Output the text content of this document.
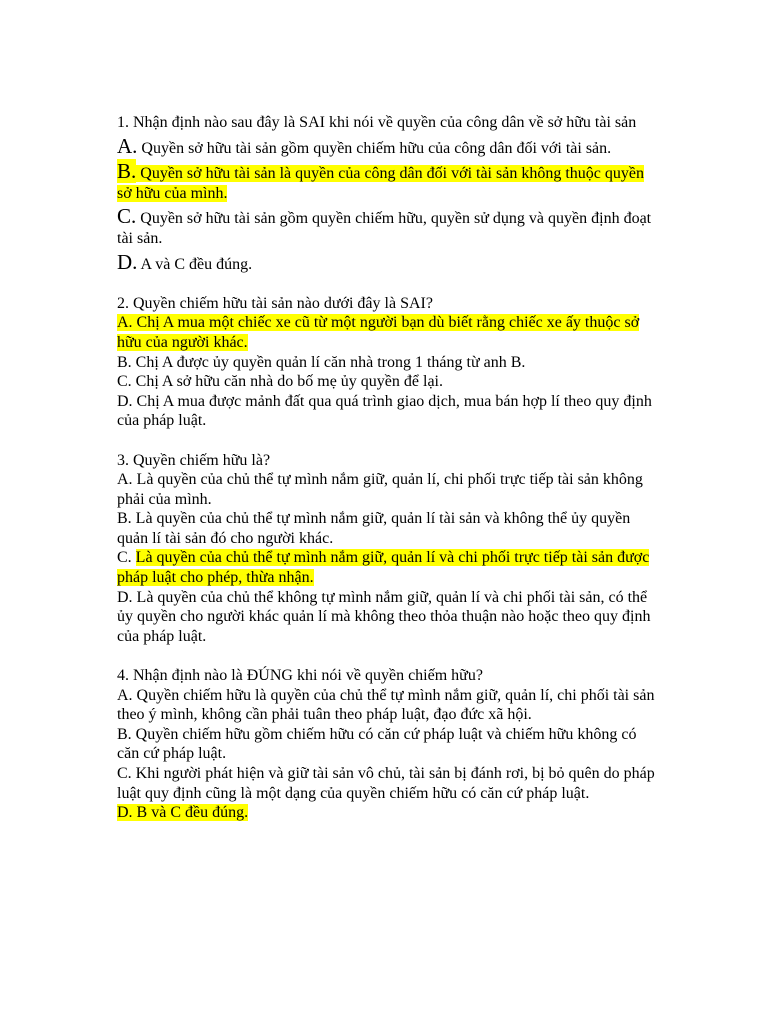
1. Nhận định nào sau đây là SAI khi nói về quyền của công dân về sở hữu tài sản
A. Quyền sở hữu tài sản gồm quyền chiếm hữu của công dân đối với tài sản.
B. Quyền sở hữu tài sản là quyền của công dân đối với tài sản không thuộc quyền sở hữu của mình.
C. Quyền sở hữu tài sản gồm quyền chiếm hữu, quyền sử dụng và quyền định đoạt tài sản.
D. A và C đều đúng.
2. Quyền chiếm hữu tài sản nào dưới đây là SAI?
A. Chị A mua một chiếc xe cũ từ một người bạn dù biết rằng chiếc xe ấy thuộc sở hữu của người khác.
B. Chị A được ủy quyền quản lí căn nhà trong 1 tháng từ anh B.
C. Chị A sở hữu căn nhà do bố mẹ ủy quyền để lại.
D. Chị A mua được mảnh đất qua quá trình giao dịch, mua bán hợp lí theo quy định của pháp luật.
3. Quyền chiếm hữu là?
A. Là quyền của chủ thể tự mình nắm giữ, quản lí, chi phối trực tiếp tài sản không phải của mình.
B. Là quyền của chủ thể tự mình nắm giữ, quản lí tài sản và không thể ủy quyền quản lí tài sản đó cho người khác.
C. Là quyền của chủ thể tự mình nắm giữ, quản lí và chi phối trực tiếp tài sản được pháp luật cho phép, thừa nhận.
D. Là quyền của chủ thể không tự mình nắm giữ, quản lí và chi phối tài sản, có thể ủy quyền cho người khác quản lí mà không theo thỏa thuận nào hoặc theo quy định của pháp luật.
4. Nhận định nào là ĐÚNG khi nói về quyền chiếm hữu?
A. Quyền chiếm hữu là quyền của chủ thể tự mình nắm giữ, quản lí, chi phối tài sản theo ý mình, không cần phải tuân theo pháp luật, đạo đức xã hội.
B. Quyền chiếm hữu gồm chiếm hữu có căn cứ pháp luật và chiếm hữu không có căn cứ pháp luật.
C. Khi người phát hiện và giữ tài sản vô chủ, tài sản bị đánh rơi, bị bỏ quên do pháp luật quy định cũng là một dạng của quyền chiếm hữu có căn cứ pháp luật.
D. B và C đều đúng.
